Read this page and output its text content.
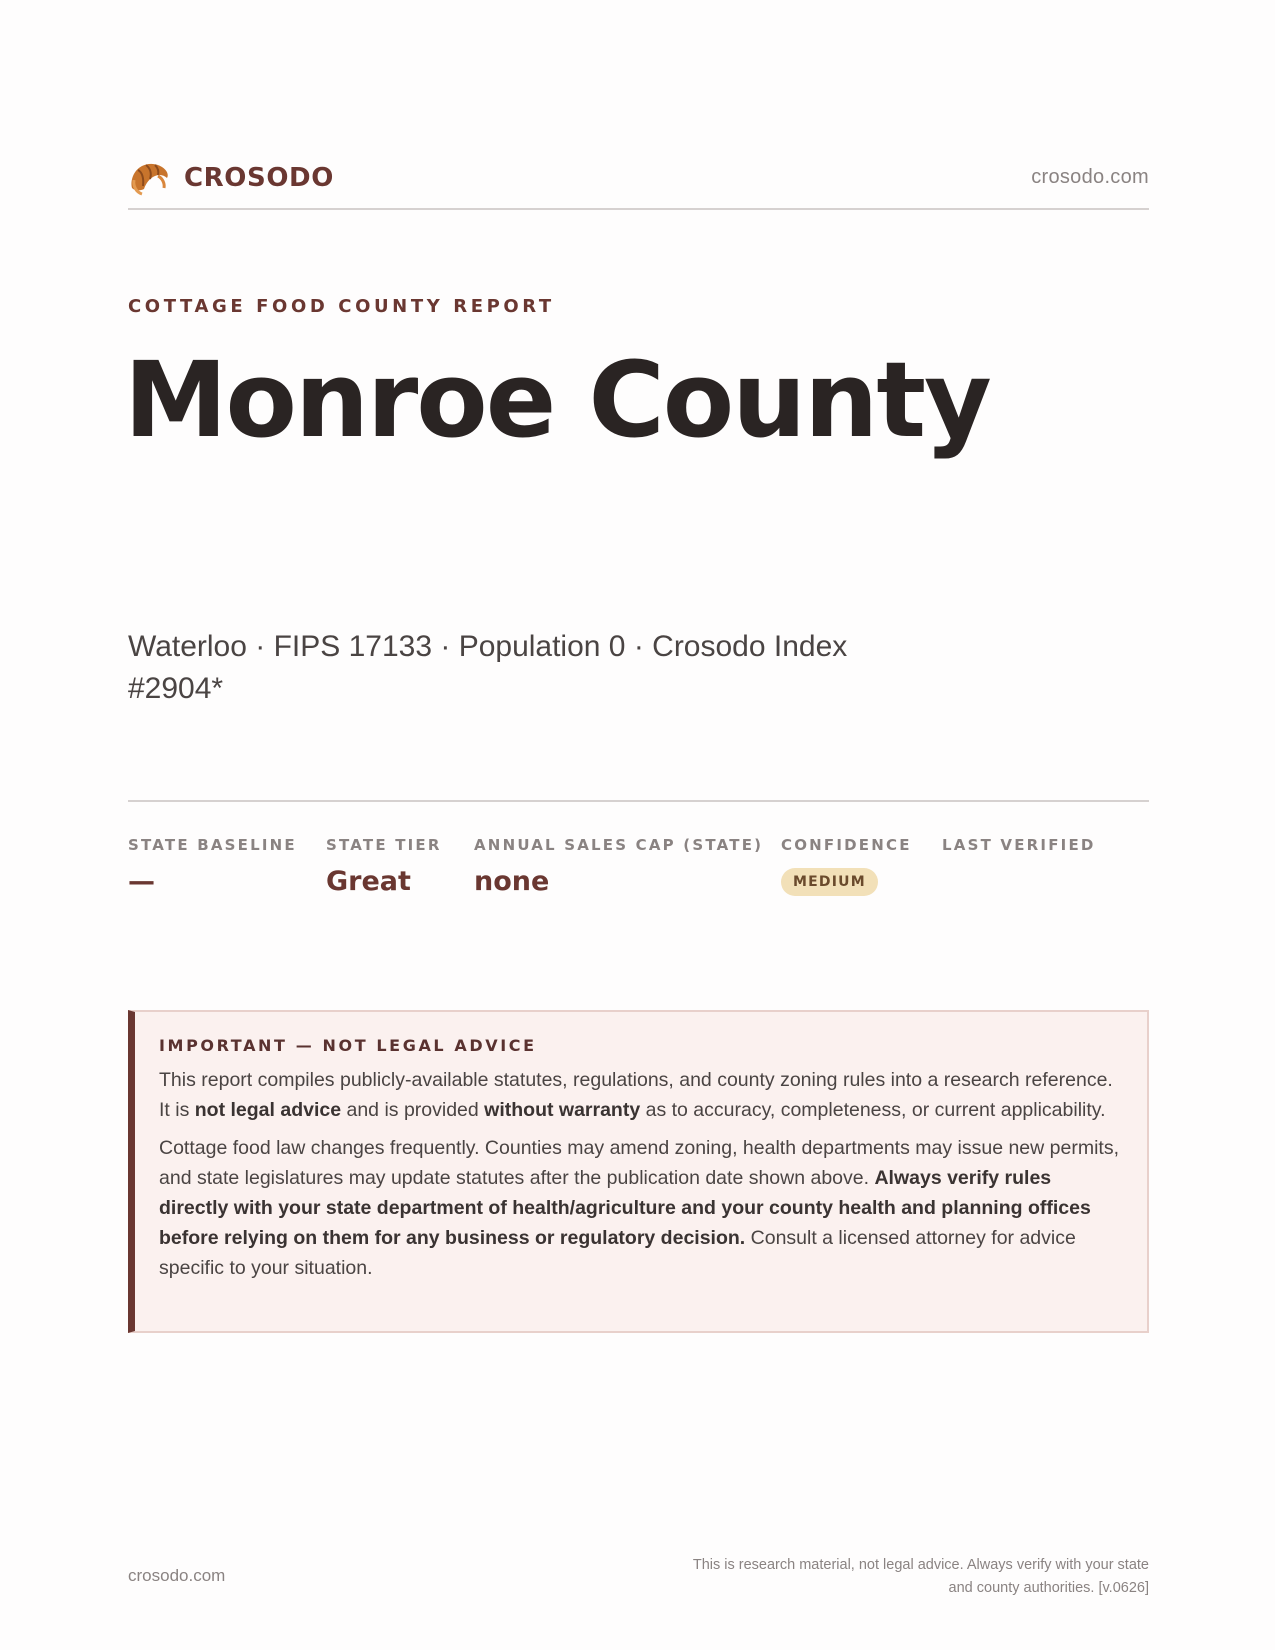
CROSODO	crosodo.com
COTTAGE FOOD COUNTY REPORT
Monroe County
Waterloo · FIPS 17133 · Population 0 · Crosodo Index #2904*
STATE BASELINE
—
STATE TIER
Great
ANNUAL SALES CAP (STATE)
none
CONFIDENCE
MEDIUM
LAST VERIFIED
IMPORTANT — NOT LEGAL ADVICE

This report compiles publicly-available statutes, regulations, and county zoning rules into a research reference. It is not legal advice and is provided without warranty as to accuracy, completeness, or current applicability.

Cottage food law changes frequently. Counties may amend zoning, health departments may issue new permits, and state legislatures may update statutes after the publication date shown above. Always verify rules directly with your state department of health/agriculture and your county health and planning offices before relying on them for any business or regulatory decision. Consult a licensed attorney for advice specific to your situation.

crosodo.com
This is research material, not legal advice. Always verify with your state
and county authorities. [v.0626]
